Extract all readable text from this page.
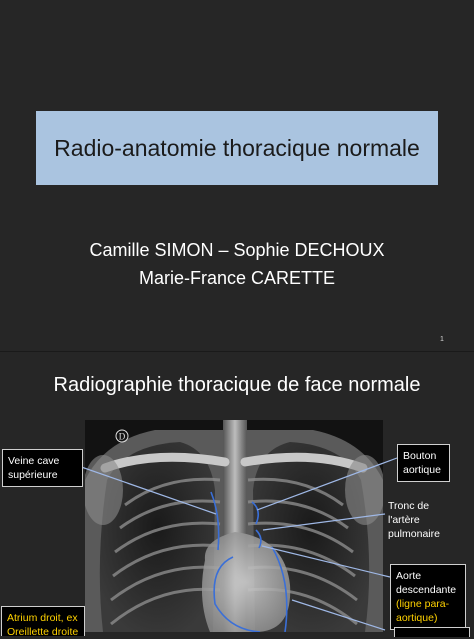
Radio-anatomie thoracique normale
Camille SIMON – Sophie DECHOUX
Marie-France CARETTE
1
Radiographie thoracique de face normale
D
Veine cave
supérieure
Bouton
aortique
Tronc de
l'artère
pulmonaire
Aorte
descendante
(ligne para-
aortique)
Atrium droit, ex
Oreillette droite
